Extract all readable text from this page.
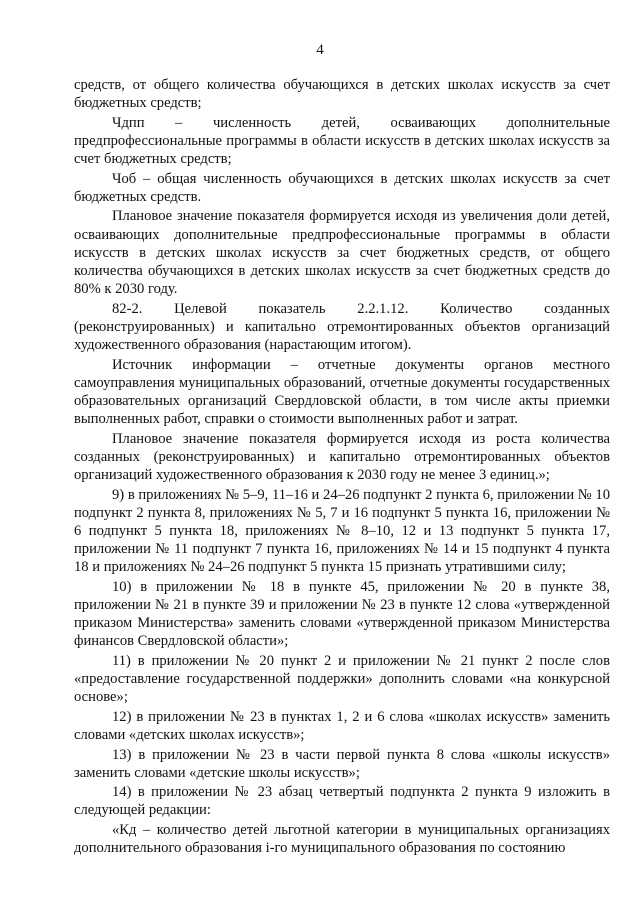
4

средств, от общего количества обучающихся в детских школах искусств за счет бюджетных средств;

Чдпп – численность детей, осваивающих дополнительные предпрофессиональные программы в области искусств в детских школах искусств за счет бюджетных средств;

Чоб – общая численность обучающихся в детских школах искусств за счет бюджетных средств.

Плановое значение показателя формируется исходя из увеличения доли детей, осваивающих дополнительные предпрофессиональные программы в области искусств в детских школах искусств за счет бюджетных средств, от общего количества обучающихся в детских школах искусств за счет бюджетных средств до 80% к 2030 году.

82-2. Целевой показатель 2.2.1.12. Количество созданных (реконструированных) и капитально отремонтированных объектов организаций художественного образования (нарастающим итогом).

Источник информации – отчетные документы органов местного самоуправления муниципальных образований, отчетные документы государственных образовательных организаций Свердловской области, в том числе акты приемки выполненных работ, справки о стоимости выполненных работ и затрат.

Плановое значение показателя формируется исходя из роста количества созданных (реконструированных) и капитально отремонтированных объектов организаций художественного образования к 2030 году не менее 3 единиц.»;

9) в приложениях № 5–9, 11–16 и 24–26 подпункт 2 пункта 6, приложении № 10 подпункт 2 пункта 8, приложениях № 5, 7 и 16 подпункт 5 пункта 16, приложении № 6 подпункт 5 пункта 18, приложениях № 8–10, 12 и 13 подпункт 5 пункта 17, приложении № 11 подпункт 7 пункта 16, приложениях № 14 и 15 подпункт 4 пункта 18 и приложениях № 24–26 подпункт 5 пункта 15 признать утратившими силу;

10) в приложении № 18 в пункте 45, приложении № 20 в пункте 38, приложении № 21 в пункте 39 и приложении № 23 в пункте 12 слова «утвержденной приказом Министерства» заменить словами «утвержденной приказом Министерства финансов Свердловской области»;

11) в приложении № 20 пункт 2 и приложении № 21 пункт 2 после слов «предоставление государственной поддержки» дополнить словами «на конкурсной основе»;

12) в приложении № 23 в пунктах 1, 2 и 6 слова «школах искусств» заменить словами «детских школах искусств»;

13) в приложении № 23 в части первой пункта 8 слова «школы искусств» заменить словами «детские школы искусств»;

14) в приложении № 23 абзац четвертый подпункта 2 пункта 9 изложить в следующей редакции:

«Кд – количество детей льготной категории в муниципальных организациях дополнительного образования i-го муниципального образования по состоянию
